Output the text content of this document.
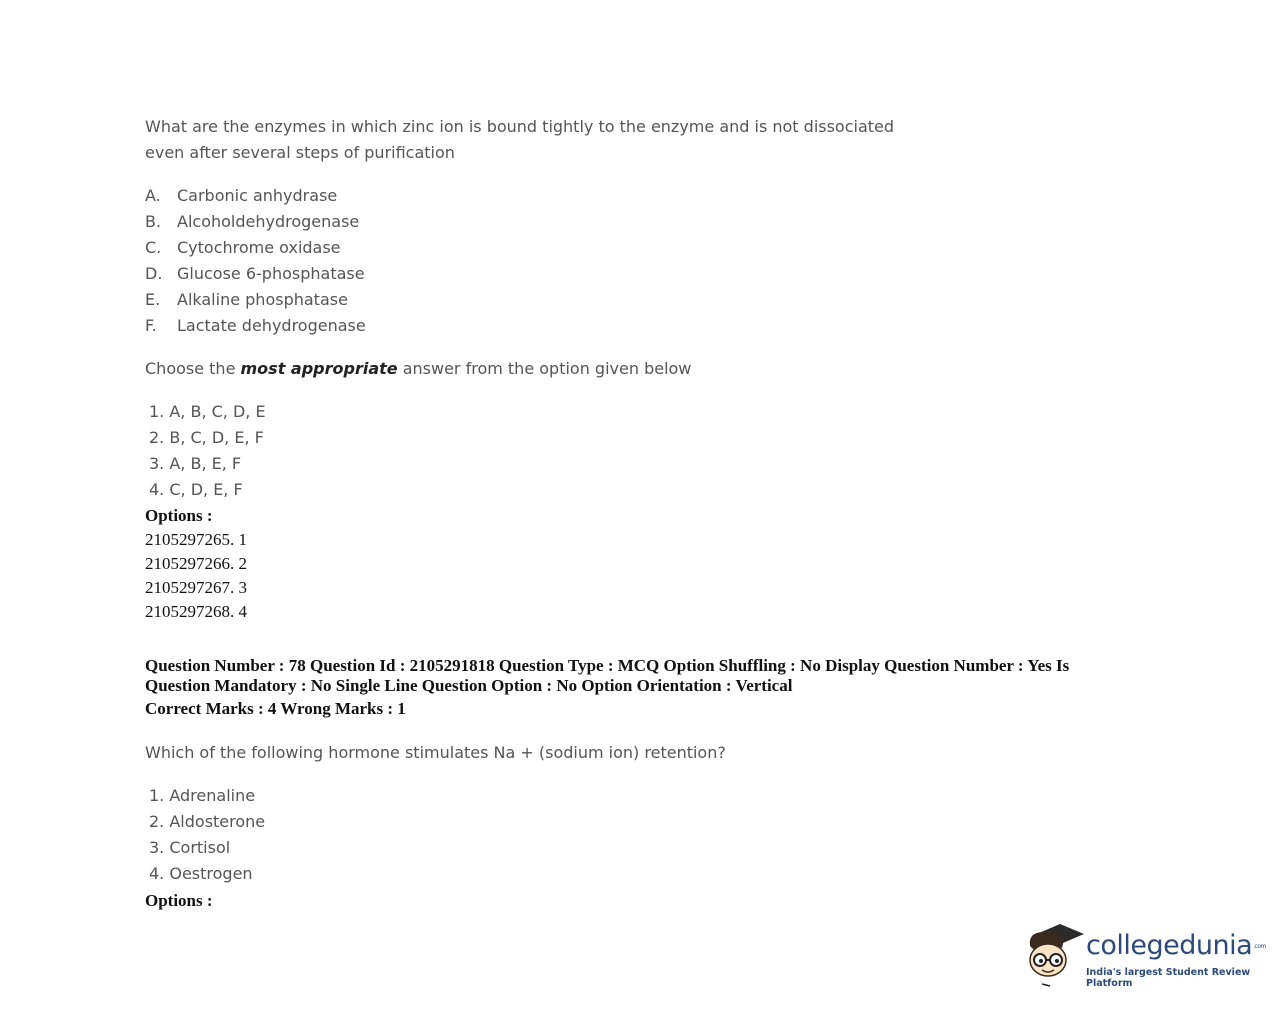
What are the enzymes in which zinc ion is bound tightly to the enzyme and is not dissociated
even after several steps of purification
A. Carbonic anhydrase
B. Alcoholdehydrogenase
C. Cytochrome oxidase
D. Glucose 6-phosphatase
E. Alkaline phosphatase
F. Lactate dehydrogenase
Choose the most appropriate answer from the option given below
1. A, B, C, D, E
2. B, C, D, E, F
3. A, B, E, F
4. C, D, E, F
Options :
2105297265. 1
2105297266. 2
2105297267. 3
2105297268. 4
Question Number : 78 Question Id : 2105291818 Question Type : MCQ Option Shuffling : No Display Question Number : Yes Is
Question Mandatory : No Single Line Question Option : No Option Orientation : Vertical
Correct Marks : 4 Wrong Marks : 1
Which of the following hormone stimulates Na + (sodium ion) retention?
1. Adrenaline
2. Aldosterone
3. Cortisol
4. Oestrogen
Options :
collegedunia.com
India's largest Student Review Platform
